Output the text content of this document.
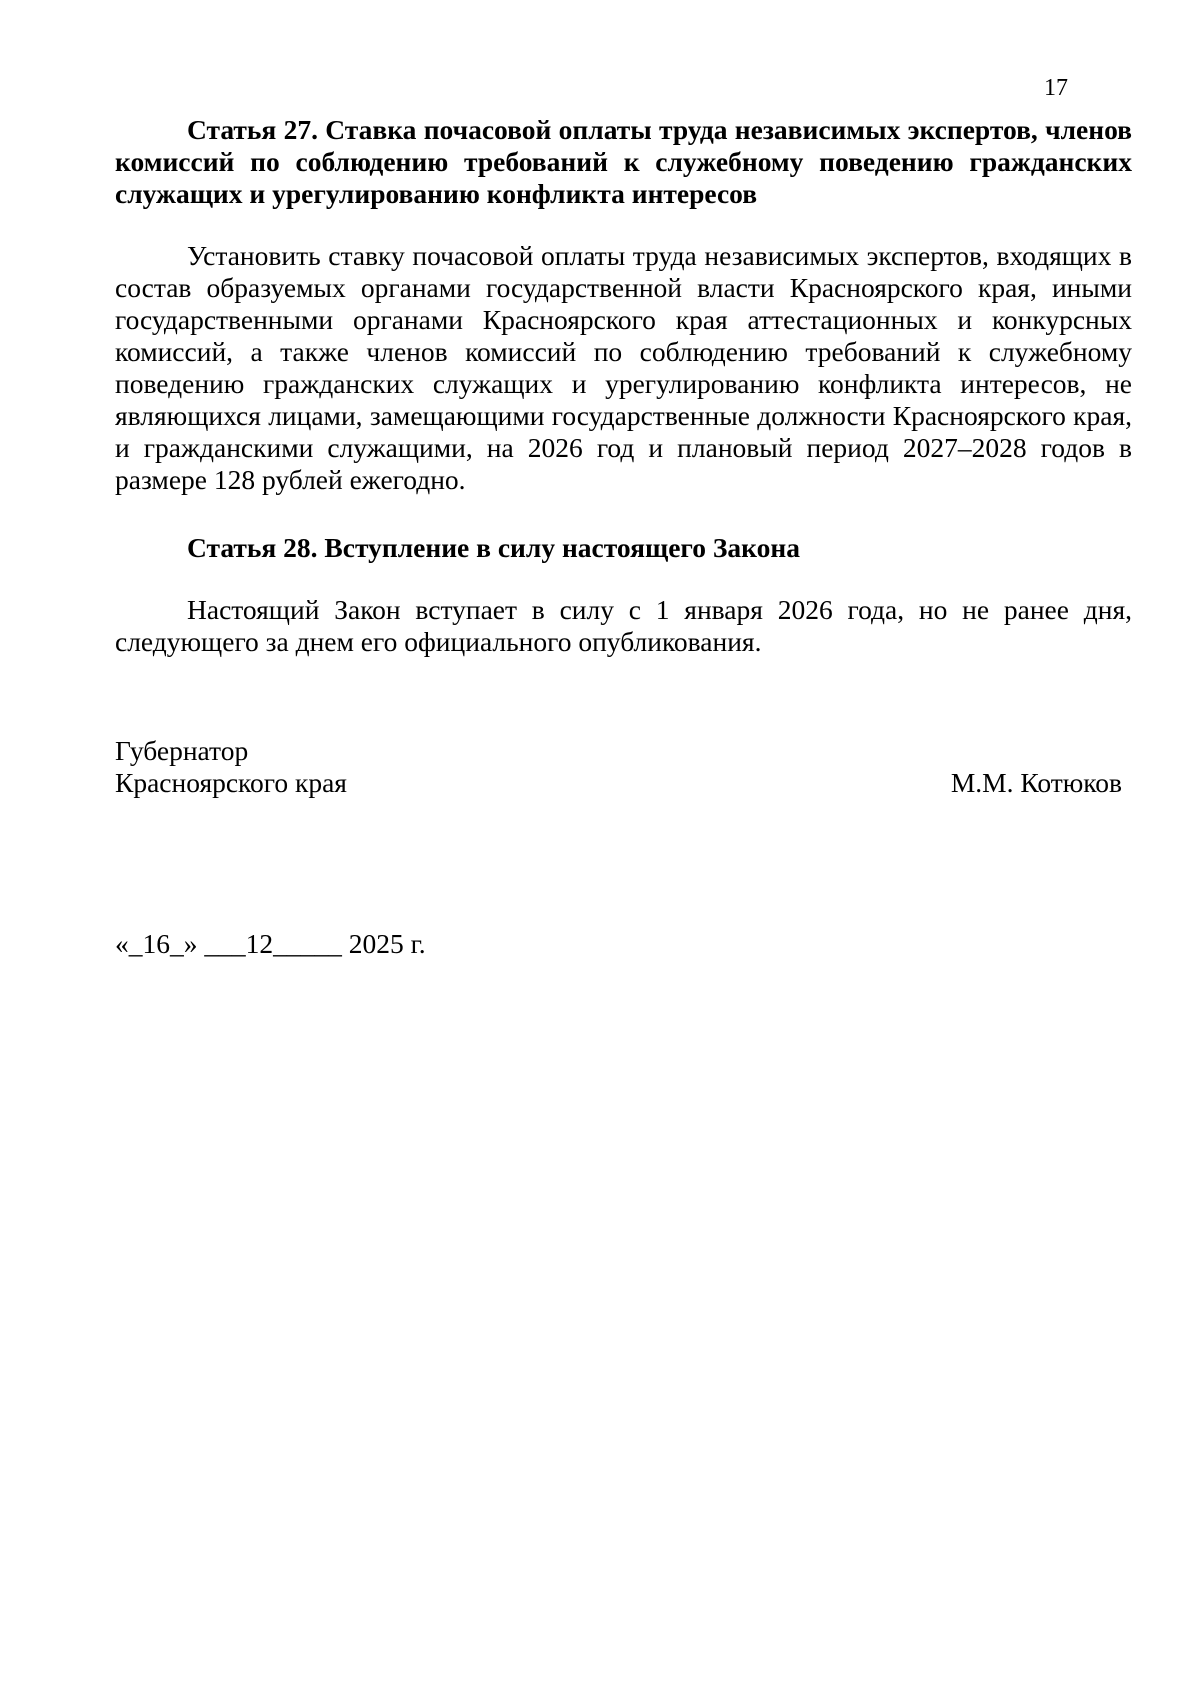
17

Статья 27. Ставка почасовой оплаты труда независимых экспертов, членов комиссий по соблюдению требований к служебному поведению гражданских служащих и урегулированию конфликта интересов

Установить ставку почасовой оплаты труда независимых экспертов, входящих в состав образуемых органами государственной власти Красноярского края, иными государственными органами Красноярского края аттестационных и конкурсных комиссий, а также членов комиссий по соблюдению требований к служебному поведению гражданских служащих и урегулированию конфликта интересов, не являющихся лицами, замещающими государственные должности Красноярского края, и гражданскими служащими, на 2026 год и плановый период 2027–2028 годов в размере 128 рублей ежегодно.

Статья 28. Вступление в силу настоящего Закона

Настоящий Закон вступает в силу с 1 января 2026 года, но не ранее дня, следующего за днем его официального опубликования.

Губернатор
Красноярского края	М.М. Котюков
«_16_» ___12_____ 2025 г.
